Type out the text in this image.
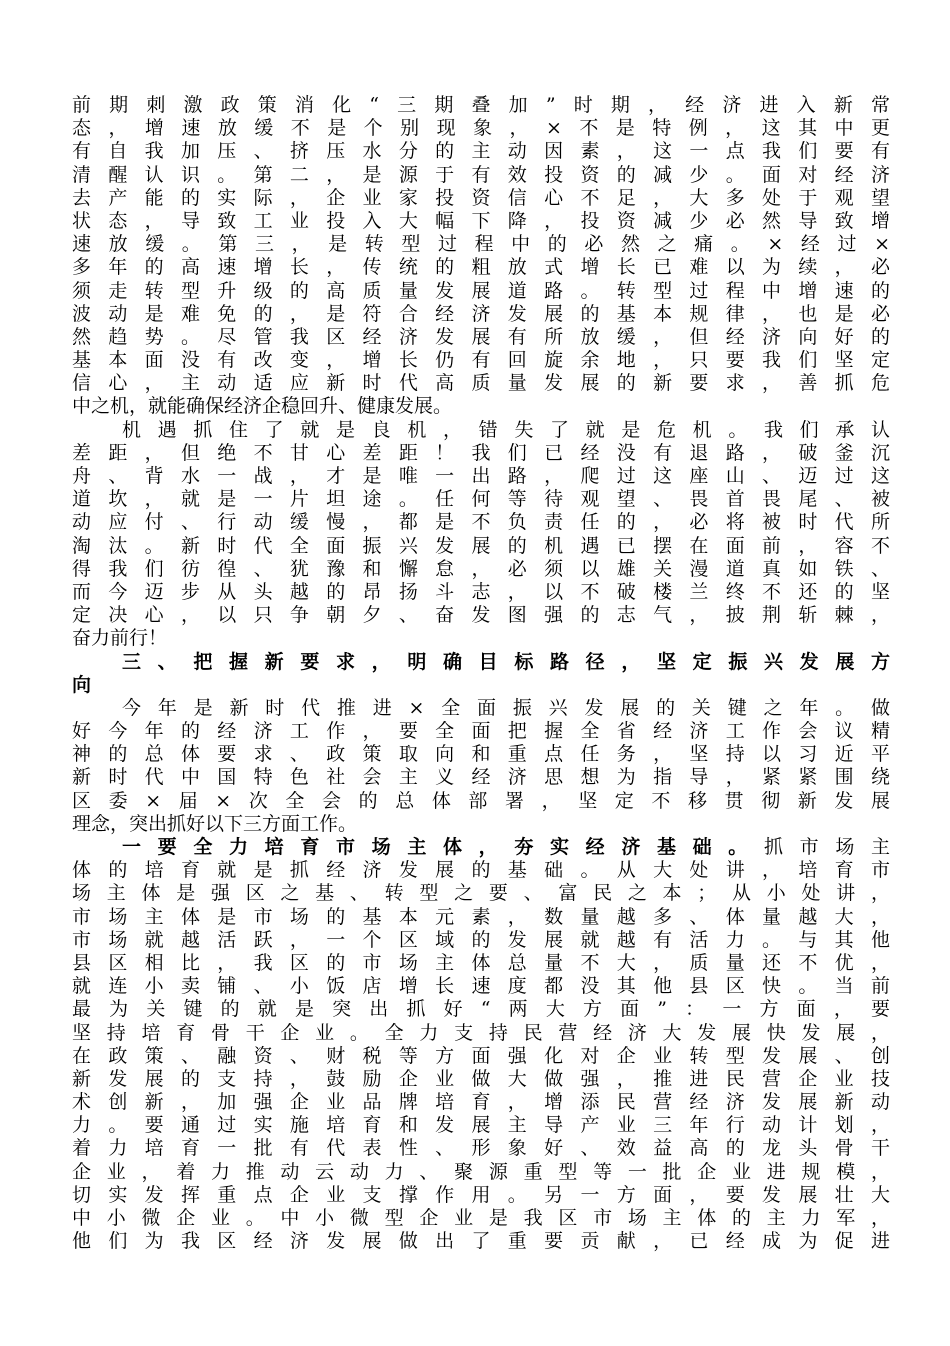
前期刺激政策消化“三期叠加”时期，经济进入新常
态，增速放缓不是个别现象，×不是特例，这其中更
有自我加压、挤压水分的主动因素，这一点我们要有
清醒认识。第二，是源于有效投资的减少。面对经济
去产能的实际，企业家投资信心不足，大多处于观望
状态，导致工业投入大幅下降，投资减少必然导致增
速放缓。第三，是转型过程中的必然之痛。×经过×
多年的高速增长，传统的粗放式增长已难以为续，必
须走转型升级的高质量发展道路。转型过程中增速的
波动是难免的，是符合经济发展的基本规律，也是必
然趋势。尽管我区经济发展有所放缓，但经济向好的
基本面没有改变，增长仍有回旋余地，只要我们坚定
信心，主动适应新时代高质量发展的新要求，善抓危
中之机，就能确保经济企稳回升、健康发展。
机遇抓住了就是良机，错失了就是危机。我们承认
差距，但绝不甘心差距！我们已经没有退路，破釜沉
舟、背水一战，才是唯一出路，爬过这座山、迈过这
道坎，就是一片坦途。任何等待观望、畏首畏尾、被
动应付、行动缓慢，都是不负责任的，必将被时代所
淘汰。新时代全面振兴发展的机遇已摆在面前，容不
得我们彷徨、犹豫和懈怠，必须以雄关漫道真如铁、
而今迈步从头越的昂扬斗志，以不破楼兰终不还的坚
定决心，以只争朝夕、奋发图强的志气，披荆斩棘，
奋力前行！
三、把握新要求，明确目标路径，坚定振兴发展方
向
今年是新时代推进×全面振兴发展的关键之年。做
好今年的经济工作，要全面把握全省经济工作会议精
神的总体要求、政策取向和重点任务，坚持以习近平
新时代中国特色社会主义经济思想为指导，紧紧围绕
区委×届×次全会的总体部署，坚定不移贯彻新发展
理念，突出抓好以下三方面工作。
一要全力培育市场主体，夯实经济基础。抓市场主
体的培育就是抓经济发展的基础。从大处讲，培育市
场主体是强区之基、转型之要、富民之本；从小处讲，
市场主体是市场的基本元素，数量越多、体量越大，
市场就越活跃，一个区域的发展就越有活力。与其他
县区相比，我区的市场主体总量不大，质量还不优，
就连小卖铺、小饭店增长速度都没其他县区快。当前
最为关键的就是突出抓好“两大方面”：一方面，要
坚持培育骨干企业。全力支持民营经济大发展快发展，
在政策、融资、财税等方面强化对企业转型发展、创
新发展的支持，鼓励企业做大做强，推进民营企业技
术创新，加强企业品牌培育，增添民营经济发展新动
力。要通过实施培育和发展主导产业三年行动计划，
着力培育一批有代表性、形象好、效益高的龙头骨干
企业，着力推动云动力、聚源重型等一批企业进规模，
切实发挥重点企业支撑作用。另一方面，要发展壮大
中小微企业。中小微型企业是我区市场主体的主力军，
他们为我区经济发展做出了重要贡献，已经成为促进
